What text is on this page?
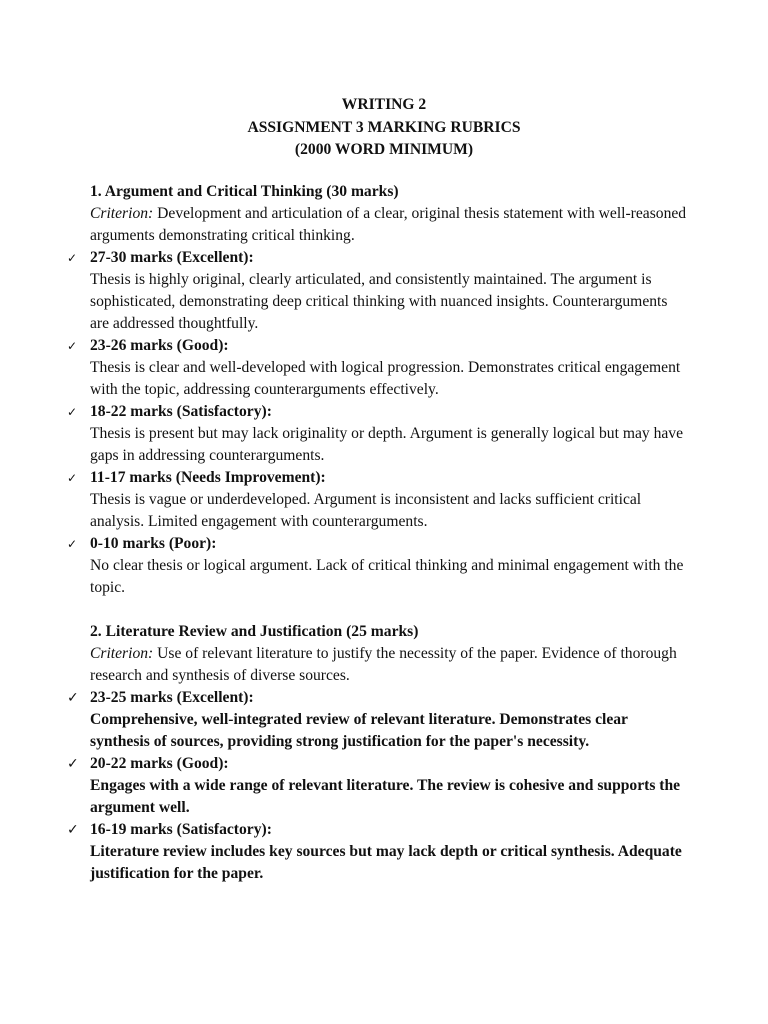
WRITING 2
ASSIGNMENT 3 MARKING RUBRICS
(2000 WORD MINIMUM)
1. Argument and Critical Thinking (30 marks)
Criterion: Development and articulation of a clear, original thesis statement with well-reasoned arguments demonstrating critical thinking.
✓ 27-30 marks (Excellent):
Thesis is highly original, clearly articulated, and consistently maintained. The argument is sophisticated, demonstrating deep critical thinking with nuanced insights. Counterarguments are addressed thoughtfully.
✓ 23-26 marks (Good):
Thesis is clear and well-developed with logical progression. Demonstrates critical engagement with the topic, addressing counterarguments effectively.
✓ 18-22 marks (Satisfactory):
Thesis is present but may lack originality or depth. Argument is generally logical but may have gaps in addressing counterarguments.
✓ 11-17 marks (Needs Improvement):
Thesis is vague or underdeveloped. Argument is inconsistent and lacks sufficient critical analysis. Limited engagement with counterarguments.
✓ 0-10 marks (Poor):
No clear thesis or logical argument. Lack of critical thinking and minimal engagement with the topic.
2. Literature Review and Justification (25 marks)
Criterion: Use of relevant literature to justify the necessity of the paper. Evidence of thorough research and synthesis of diverse sources.
✓ 23-25 marks (Excellent):
Comprehensive, well-integrated review of relevant literature. Demonstrates clear synthesis of sources, providing strong justification for the paper's necessity.
✓ 20-22 marks (Good):
Engages with a wide range of relevant literature. The review is cohesive and supports the argument well.
✓ 16-19 marks (Satisfactory):
Literature review includes key sources but may lack depth or critical synthesis. Adequate justification for the paper.
